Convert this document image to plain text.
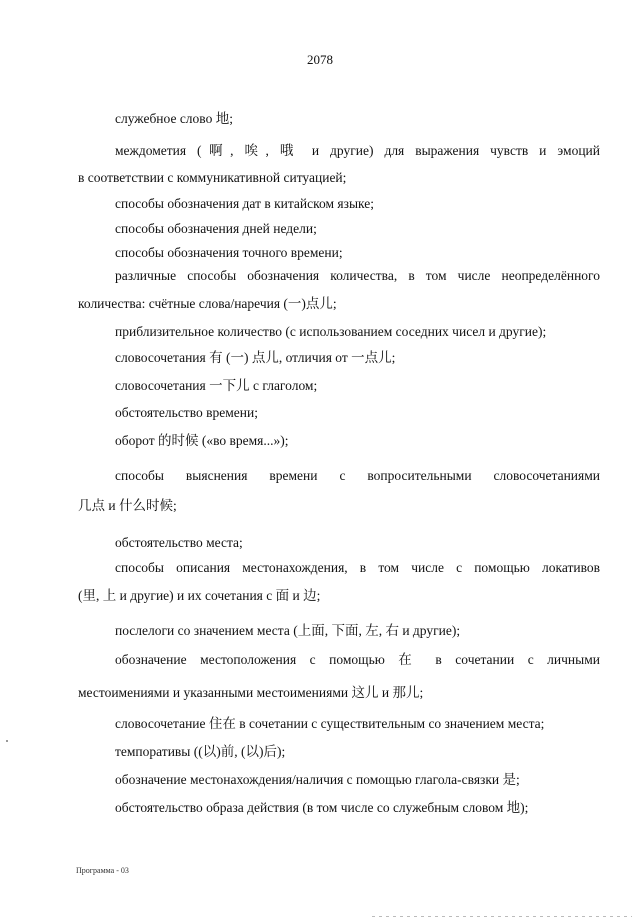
2078
служебное слово 地;
междометия (啊, 唉, 哦 и другие) для выражения чувств и эмоций
в соответствии с коммуникативной ситуацией;
способы обозначения дат в китайском языке;
способы обозначения дней недели;
способы обозначения точного времени;
различные способы обозначения количества, в том числе неопределённого
количества: счётные слова/наречия (一)点儿;
приблизительное количество (с использованием соседних чисел и другие);
словосочетания 有 (一) 点儿, отличия от 一点儿;
словосочетания 一下儿 с глаголом;
обстоятельство времени;
оборот 的时候 («во время...»);
способы выяснения времени с вопросительными словосочетаниями
几点 и 什么时候;
обстоятельство места;
способы описания местонахождения, в том числе с помощью локативов
(里, 上 и другие) и их сочетания с 面 и 边;
послелоги со значением места (上面, 下面, 左, 右 и другие);
обозначение местоположения с помощью 在 в сочетании с личными
местоимениями и указанными местоимениями 这儿 и 那儿;
словосочетание 住在 в сочетании с существительным со значением места;
темпоративы ((以)前, (以)后);
обозначение местонахождения/наличия с помощью глагола-связки 是;
обстоятельство образа действия (в том числе со служебным словом 地);
Программа - 03
